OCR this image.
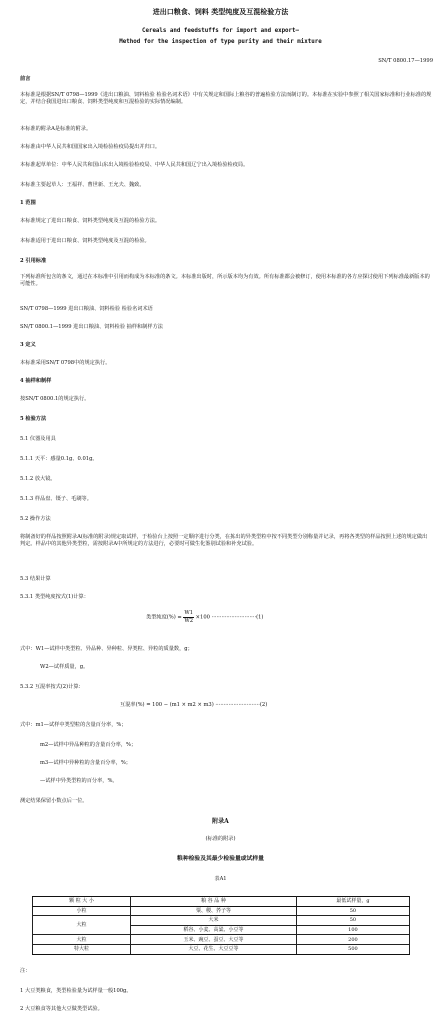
进出口粮食、饲料 类型纯度及互混检验方法
Cereals and feedstuffs for import and export—
Method for the inspection of type purity and their mixture
SN/T 0800.17—1999
前言
本标准是根据SN/T 0798—1999《进出口粮油、饲料检验 检验名词术语》中有关规定和国际上粮谷的普遍检验方法而制订的。本标准在实验中参照了相关国家标准和行业标准的规定，并结合我国进出口粮食、饲料类型纯度和互混检验的实际情况编制。
本标准的附录A是标准的附录。
本标准由中华人民共和国国家出入境检验检疫局提出并归口。
本标准起草单位：中华人民共和国山东出入境检验检疫局、中华人民共和国辽宁出入境检验检疫局。
本标准主要起草人：王福祥、曹世新、王允夫、魏致。
1 范围
本标准规定了进出口粮食、饲料类型纯度及互混的检验方法。
本标准适用于进出口粮食、饲料类型纯度及互混的检验。
2 引用标准
下列标准所包含的条文，通过在本标准中引用而构成为本标准的条文。本标准出版时，所示版本均为有效。所有标准都会被修订，使用本标准的各方应探讨使用下列标准最新版本的可能性。
SN/T 0798—1999 进出口粮油、饲料检验 检验名词术语
SN/T 0800.1—1999 进出口粮油、饲料检验 抽样和制样方法
3 定义
本标准采用SN/T 0798中的规定执行。
4 抽样和制样
按SN/T 0800.1的规定执行。
5 检验方法
5.1 仪器及用具
5.1.1 天平：感量0.1g、0.01g。
5.1.2 放大镜。
5.1.3 样品盘、镊子、毛刷等。
5.2 操作方法
将制备好的样品按照附录A(标准的附录)规定取试样，于检验台上按照一定顺序进行分类，在拣出的异类型粒中按不同类型分别称量并记录，再将各类型的样品按照上述的规定做出判定。样品中的其他异类型粒，需按附录A中所规定的方法进行，必要时可做生化鉴别试验和补充试验。
5.3 结果计算
5.3.1 类型纯度按式(1)计算：
类型纯度(%) = $\frac{W1}{W2} \times 100 \cdot\cdot\cdot\cdot\cdot\cdot\cdot\cdot\cdot\cdot\cdot\cdot\cdot\cdot\cdot\cdot\cdot\cdot\cdot\cdot\cdot\cdot\cdot\cdot\cdot\cdot\cdot(1)$
式中：W1—试样中类型粒、异品种、异种粒、异类粒、异粒的质量数，g；
W2—试样质量，g。
5.3.2 互混率按式(2)计算：
互混率(%) = 100 − (m1 × m2 × m3) ···························(2)
式中：m1—试样中类型粒的含量百分率，%；
m2—试样中异品种粒的含量百分率，%；
m3—试样中异种粒的含量百分率，%；
—试样中异类型粒的百分率，%。
测定结果保留小数点后一位。
附录A
(标准的附录)
粮种检验及其最少检验量或试样量
表A1
颗 粒 大 小	粮 谷 品 种	最低试样量，g
小粒	粟、稷、荞子等	50
大粒	大米	50
	稻谷、小麦、高粱、小豆等	100
大粒	玉米、豌豆、蚕豆、大豆等	200
特大粒	大豆、花生、大豆豆等	500
注：
1 大豆类粮食，类型检验量为试样量一般100g。
2 大豆粮食等其他大豆做类型试验。
